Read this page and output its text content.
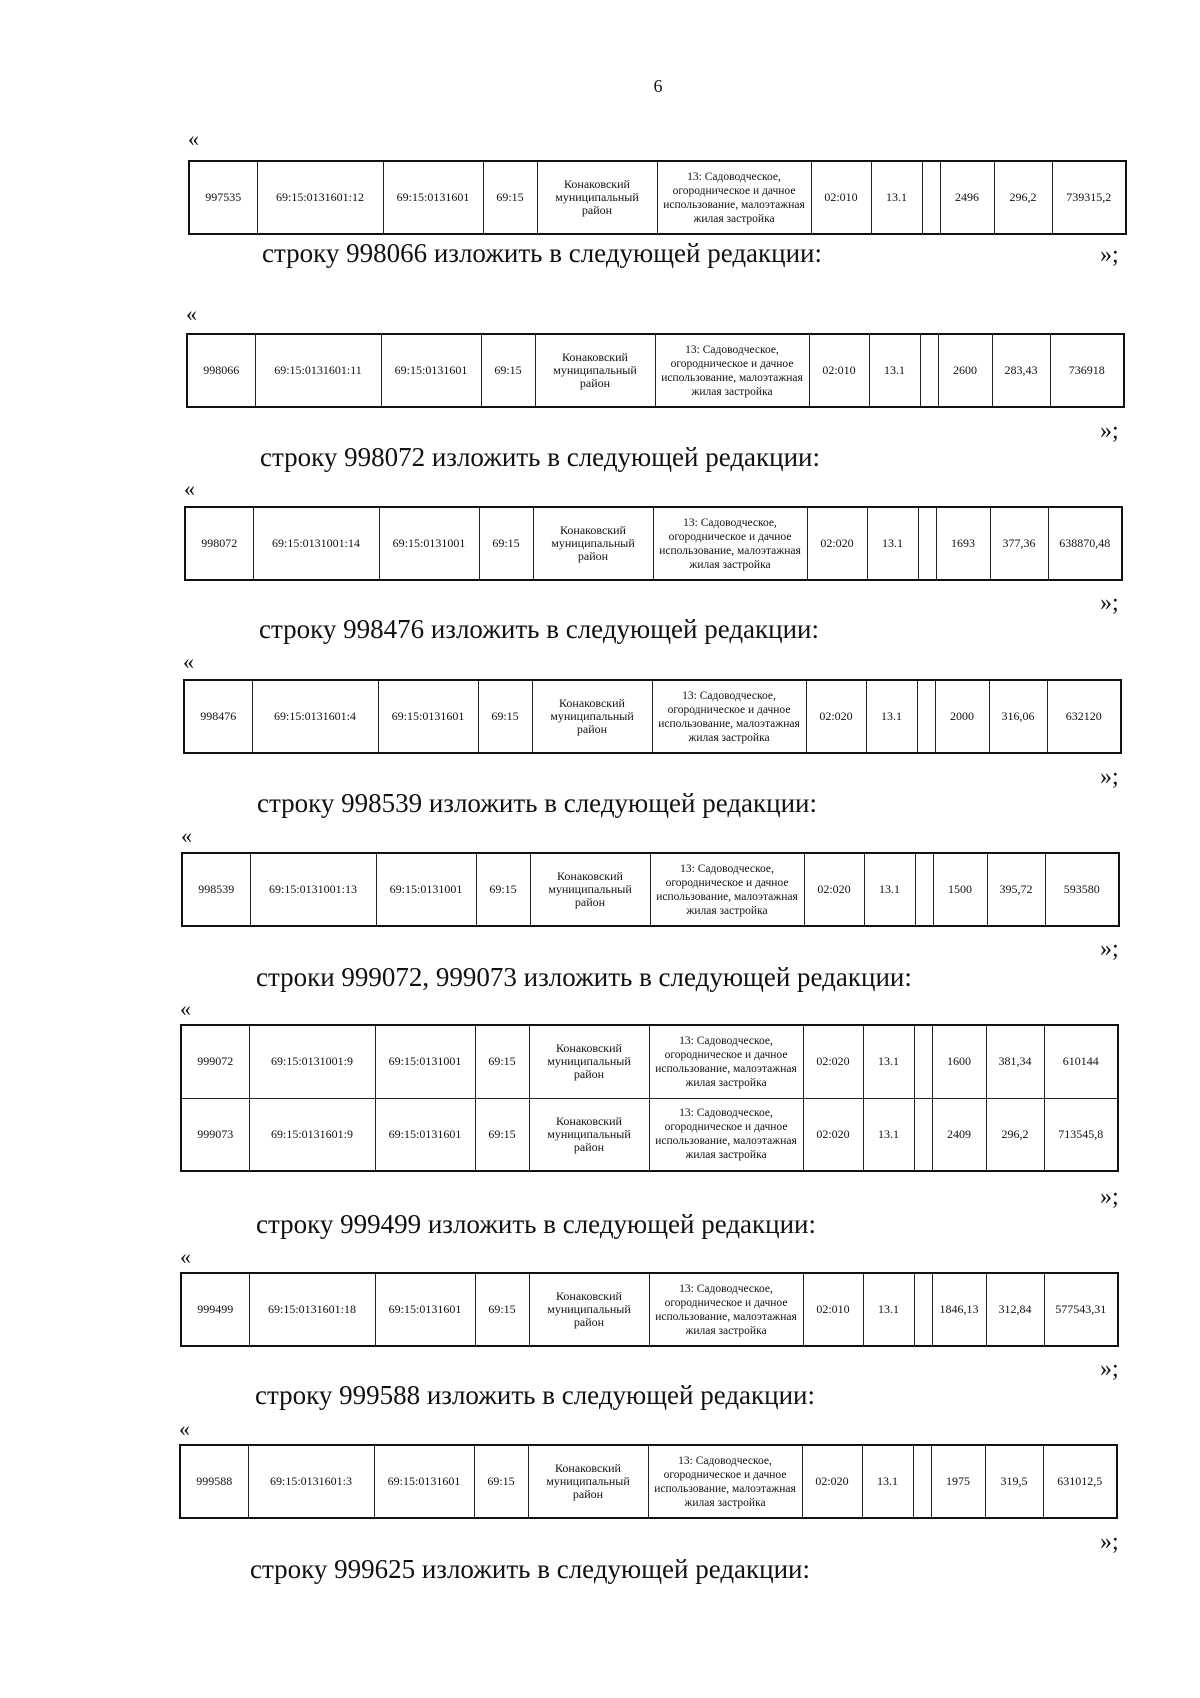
6
«
»;
997535	69:15:0131601:12	69:15:0131601	69:15	Конаковский муниципальный район	13: Садоводческое, огородническое и дачное использование, малоэтажная жилая застройка	02:010	13.1		2496	296,2	739315,2
строку 998066 изложить в следующей редакции:
«
»;
998066	69:15:0131601:11	69:15:0131601	69:15	Конаковский муниципальный район	13: Садоводческое, огородническое и дачное использование, малоэтажная жилая застройка	02:010	13.1		2600	283,43	736918
строку 998072 изложить в следующей редакции:
«
»;
998072	69:15:0131001:14	69:15:0131001	69:15	Конаковский муниципальный район	13: Садоводческое, огородническое и дачное использование, малоэтажная жилая застройка	02:020	13.1		1693	377,36	638870,48
строку 998476 изложить в следующей редакции:
«
»;
998476	69:15:0131601:4	69:15:0131601	69:15	Конаковский муниципальный район	13: Садоводческое, огородническое и дачное использование, малоэтажная жилая застройка	02:020	13.1		2000	316,06	632120
строку 998539 изложить в следующей редакции:
«
»;
998539	69:15:0131001:13	69:15:0131001	69:15	Конаковский муниципальный район	13: Садоводческое, огородническое и дачное использование, малоэтажная жилая застройка	02:020	13.1		1500	395,72	593580
строки 999072, 999073 изложить в следующей редакции:
«
»;
999072	69:15:0131001:9	69:15:0131001	69:15	Конаковский муниципальный район	13: Садоводческое, огородническое и дачное использование, малоэтажная жилая застройка	02:020	13.1		1600	381,34	610144
999073	69:15:0131601:9	69:15:0131601	69:15	Конаковский муниципальный район	13: Садоводческое, огородническое и дачное использование, малоэтажная жилая застройка	02:020	13.1		2409	296,2	713545,8
строку 999499 изложить в следующей редакции:
«
»;
999499	69:15:0131601:18	69:15:0131601	69:15	Конаковский муниципальный район	13: Садоводческое, огородническое и дачное использование, малоэтажная жилая застройка	02:010	13.1		1846,13	312,84	577543,31
строку 999588 изложить в следующей редакции:
«
»;
999588	69:15:0131601:3	69:15:0131601	69:15	Конаковский муниципальный район	13: Садоводческое, огородническое и дачное использование, малоэтажная жилая застройка	02:020	13.1		1975	319,5	631012,5
строку 999625 изложить в следующей редакции:
